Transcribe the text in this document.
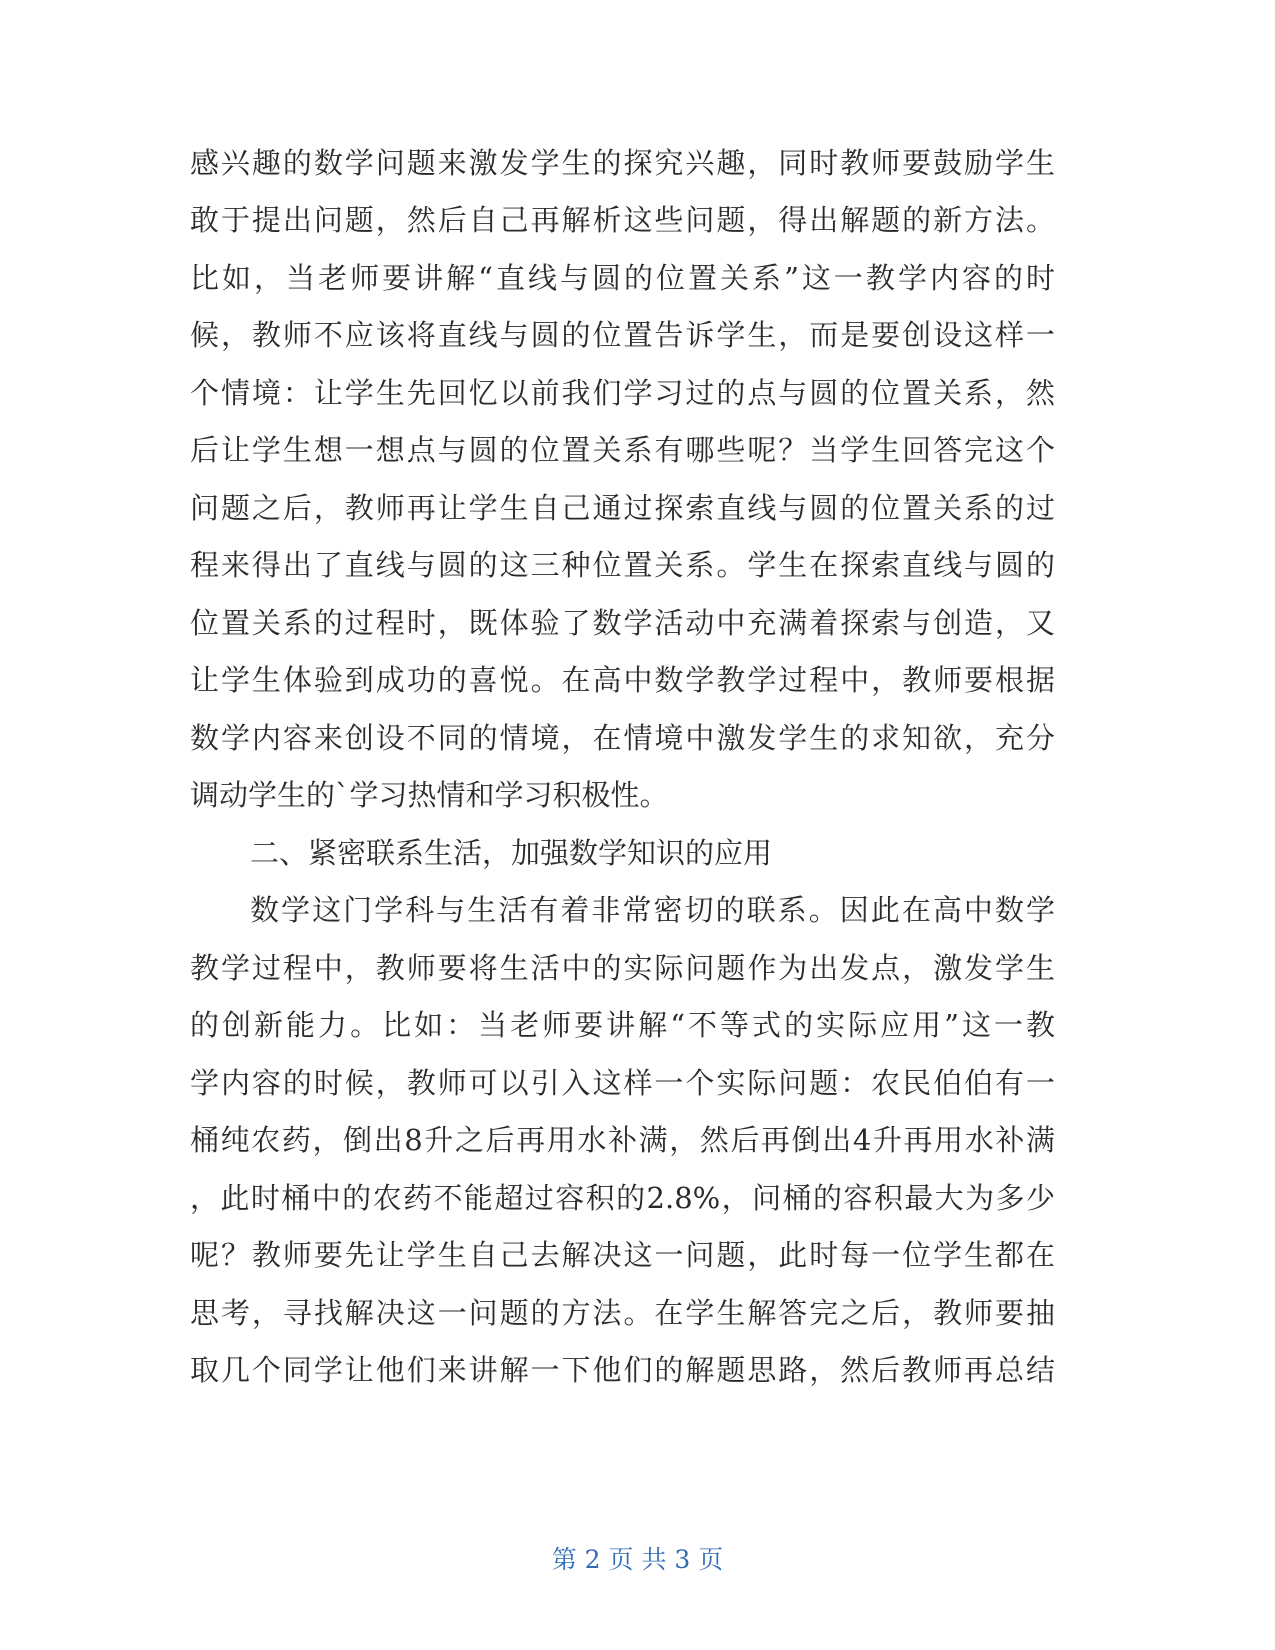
感兴趣的数学问题来激发学生的探究兴趣，同时教师要鼓励学生
敢于提出问题，然后自己再解析这些问题，得出解题的新方法。
比如，当老师要讲解“直线与圆的位置关系”这一教学内容的时
候，教师不应该将直线与圆的位置告诉学生，而是要创设这样一
个情境：让学生先回忆以前我们学习过的点与圆的位置关系，然
后让学生想一想点与圆的位置关系有哪些呢？当学生回答完这个
问题之后，教师再让学生自己通过探索直线与圆的位置关系的过
程来得出了直线与圆的这三种位置关系。学生在探索直线与圆的
位置关系的过程时，既体验了数学活动中充满着探索与创造，又
让学生体验到成功的喜悦。在高中数学教学过程中，教师要根据
数学内容来创设不同的情境，在情境中激发学生的求知欲，充分
调动学生的`学习热情和学习积极性。
二、紧密联系生活，加强数学知识的应用
数学这门学科与生活有着非常密切的联系。因此在高中数学
教学过程中，教师要将生活中的实际问题作为出发点，激发学生
的创新能力。比如：当老师要讲解“不等式的实际应用”这一教
学内容的时候，教师可以引入这样一个实际问题：农民伯伯有一
桶纯农药，倒出8升之后再用水补满，然后再倒出4升再用水补满
，此时桶中的农药不能超过容积的2.8%，问桶的容积最大为多少
呢？教师要先让学生自己去解决这一问题，此时每一位学生都在
思考，寻找解决这一问题的方法。在学生解答完之后，教师要抽
取几个同学让他们来讲解一下他们的解题思路，然后教师再总结
第 2 页 共 3 页
